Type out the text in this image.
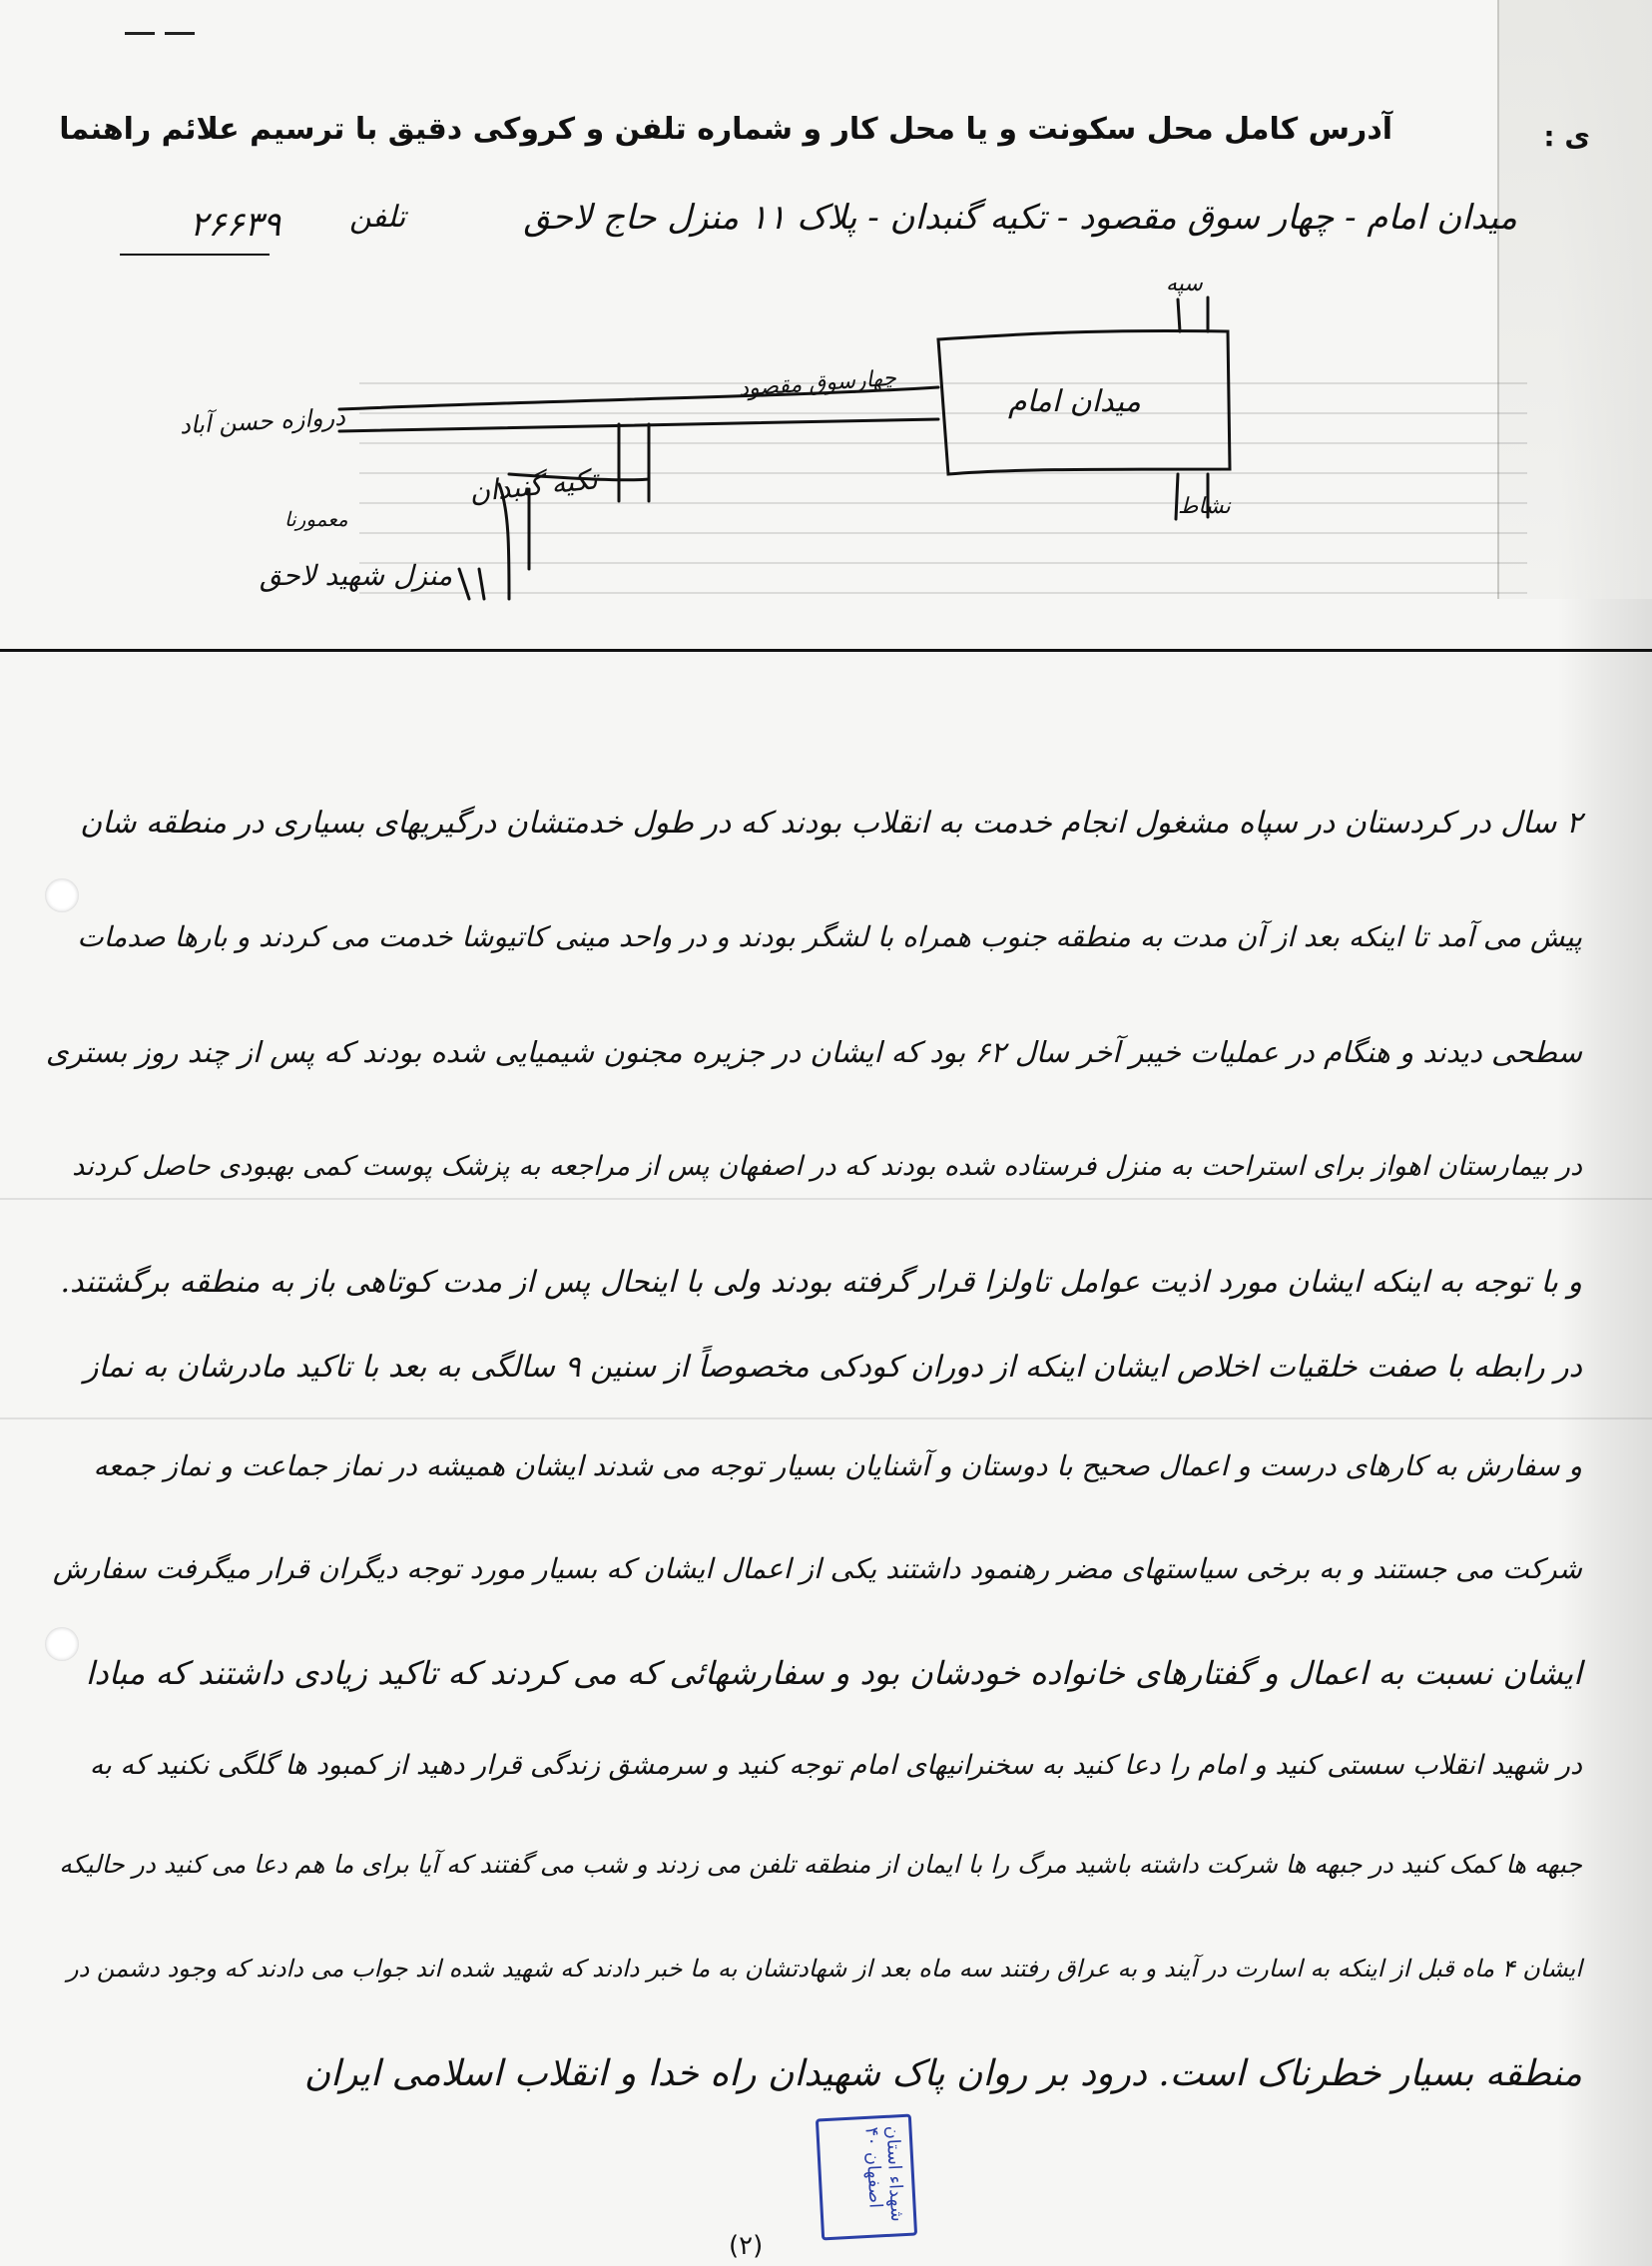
ی :
آدرس کامل محل سکونت و یا محل کار و شماره تلفن و کروکی دقیق با ترسیم علائم راهنما
میدان امام - چهار سوق مقصود - تکیه گنبدان - پلاک ۱۱ منزل حاج لاحق
تلفن
۲۶۶۳۹
میدان امام
چهارسوق مقصود
دروازه حسن آباد
تکیه گنبدان
منزل شهید لاحق
معمورنا
سپه
نشاط
۲ سال در کردستان در سپاه مشغول انجام خدمت به انقلاب بودند که در طول خدمتشان درگیریهای بسیاری در منطقه شان
پیش می آمد تا اینکه بعد از آن مدت به منطقه جنوب همراه با لشگر بودند و در واحد مینی کاتیوشا خدمت می کردند و بارها صدمات
سطحی دیدند و هنگام در عملیات خیبر آخر سال ۶۲ بود که ایشان در جزیره مجنون شیمیایی شده بودند که پس از چند روز بستری
در بیمارستان اهواز برای استراحت به منزل فرستاده شده بودند که در اصفهان پس از مراجعه به پزشک پوست کمی بهبودی حاصل کردند
و با توجه به اینکه ایشان مورد اذیت عوامل تاولزا قرار گرفته بودند ولی با اینحال پس از مدت کوتاهی باز به منطقه برگشتند.
در رابطه با صفت خلقیات اخلاص ایشان اینکه از دوران کودکی مخصوصاً از سنین ۹ سالگی به بعد با تاکید مادرشان به نماز
و سفارش به کارهای درست و اعمال صحیح با دوستان و آشنایان بسیار توجه می شدند ایشان همیشه در نماز جماعت و نماز جمعه
شرکت می جستند و به برخی سیاستهای مضر رهنمود داشتند یکی از اعمال ایشان که بسیار مورد توجه دیگران قرار میگرفت سفارش
ایشان نسبت به اعمال و گفتارهای خانواده خودشان بود و سفارشهائی که می کردند که تاکید زیادی داشتند که مبادا
در شهید انقلاب سستی کنید و امام را دعا کنید به سخنرانیهای امام توجه کنید و سرمشق زندگی قرار دهید از کمبود ها گلگی نکنید که به
جبهه ها کمک کنید در جبهه ها شرکت داشته باشید مرگ را با ایمان از منطقه تلفن می زدند و شب می گفتند که آیا برای ما هم دعا می کنید در حالیکه
ایشان ۴ ماه قبل از اینکه به اسارت در آیند و به عراق رفتند سه ماه بعد از شهادتشان به ما خبر دادند که شهید شده اند جواب می دادند که وجود دشمن در
منطقه بسیار خطرناک است. درود بر روان پاک شهیدان راه خدا و انقلاب اسلامی ایران
شهداء استان اصفهان ۴۰
(۲)
